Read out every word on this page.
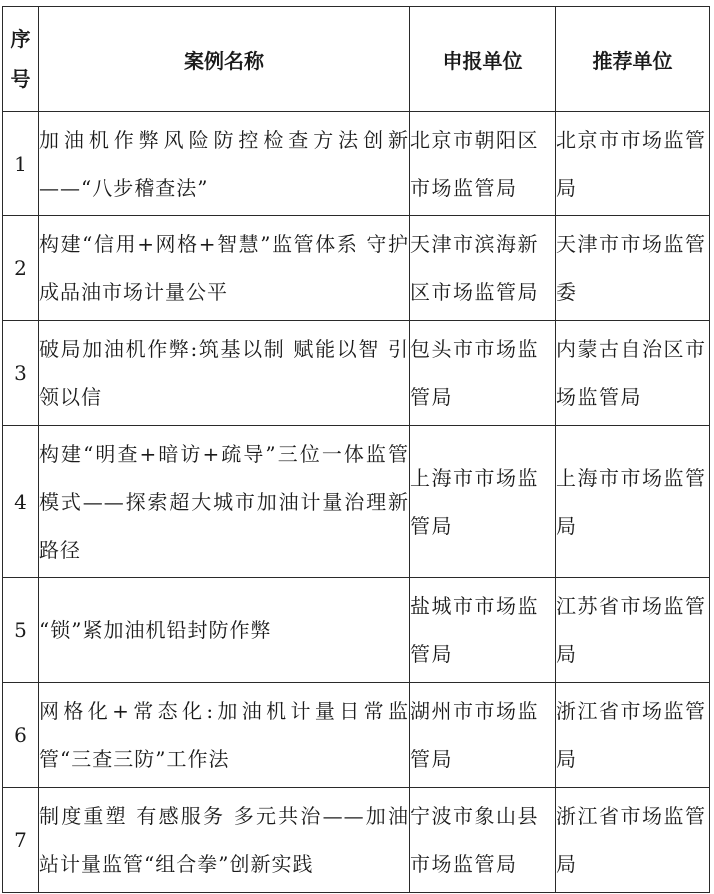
序
号	案例名称	申报单位	推荐单位
1	加油机作弊风险防控检查方法创新——“八步稽查法”	北京市朝阳区市场监管局	北京市市场监管局
2	构建“信用+网格+智慧”监管体系 守护成品油市场计量公平	天津市滨海新区市场监管局	天津市市场监管委
3	破局加油机作弊:筑基以制 赋能以智 引领以信	包头市市场监管局	内蒙古自治区市场监管局
4	构建“明查+暗访+疏导”三位一体监管模式——探索超大城市加油计量治理新路径	上海市市场监管局	上海市市场监管局
5	“锁”紧加油机铅封防作弊	盐城市市场监管局	江苏省市场监管局
6	网格化+常态化:加油机计量日常监管“三查三防”工作法	湖州市市场监管局	浙江省市场监管局
7	制度重塑 有感服务 多元共治——加油站计量监管“组合拳”创新实践	宁波市象山县市场监管局	浙江省市场监管局
